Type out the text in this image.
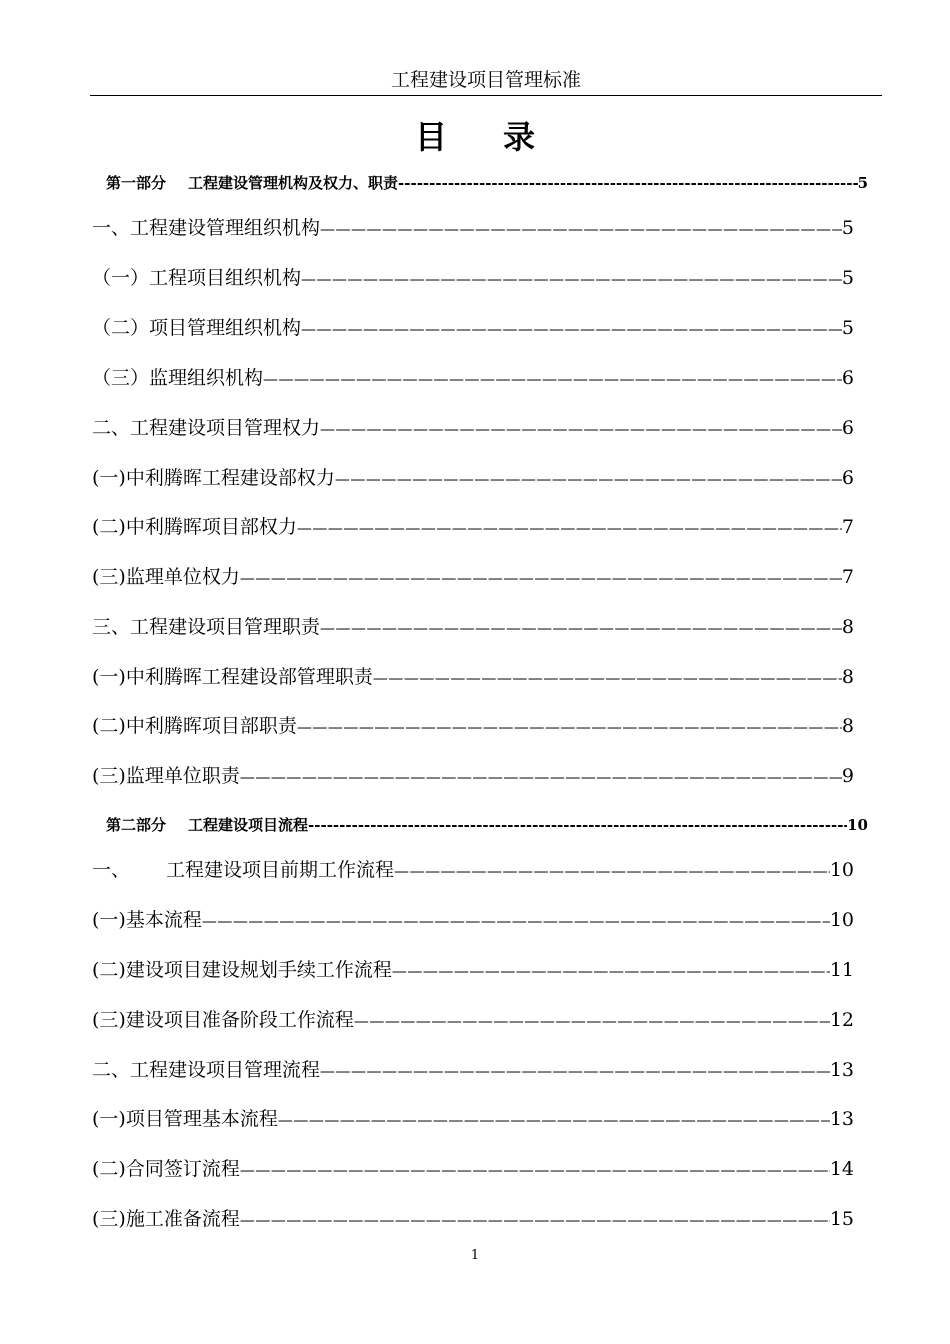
工程建设项目管理标准
目录
第一部分 工程建设管理机构及权力、职责 -----	5
一、工程建设管理组织机构 —————	5
（一）工程项目组织机构 —————	5
（二）项目管理组织机构 —————	5
（三）监理组织机构 —————	6
二、工程建设项目管理权力 —————	6
(一)中利腾晖工程建设部权力 —————	6
(二)中利腾晖项目部权力 —————	7
(三)监理单位权力 —————	7
三、工程建设项目管理职责 —————	8
(一)中利腾晖工程建设部管理职责 —————	8
(二)中利腾晖项目部职责 —————	8
(三)监理单位职责 —————	9
第二部分 工程建设项目流程 -----	10
一、 工程建设项目前期工作流程 —————	10
(一)基本流程 —————	10
(二)建设项目建设规划手续工作流程 —————	11
(三)建设项目准备阶段工作流程 —————	12
二、工程建设项目管理流程 —————	13
(一)项目管理基本流程 —————	13
(二)合同签订流程 —————	14
(三)施工准备流程 —————	15
1
